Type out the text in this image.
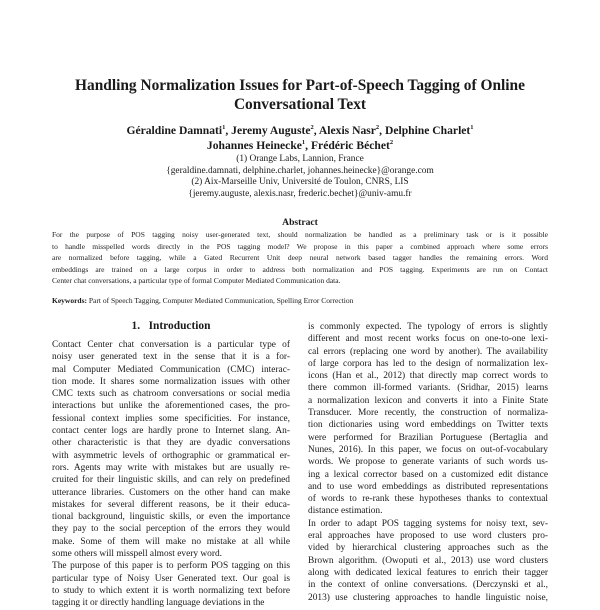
Handling Normalization Issues for Part-of-Speech Tagging of Online
Conversational Text
Géraldine Damnati$^1$, Jeremy Auguste$^2$, Alexis Nasr$^2$, Delphine Charlet$^1$
Johannes Heinecke$^1$, Frédéric Béchet$^2$
(1) Orange Labs, Lannion, France
{geraldine.damnati, delphine.charlet, johannes.heinecke}@orange.com
(2) Aix-Marseille Univ, Université de Toulon, CNRS, LIS
{jeremy.auguste, alexis.nasr, frederic.bechet}@univ-amu.fr
Abstract
For the purpose of POS tagging noisy user-generated text, should normalization be handled as a preliminary task or is it possible
to handle misspelled words directly in the POS tagging model? We propose in this paper a combined approach where some errors
are normalized before tagging, while a Gated Recurrent Unit deep neural network based tagger handles the remaining errors. Word
embeddings are trained on a large corpus in order to address both normalization and POS tagging. Experiments are run on Contact
Center chat conversations, a particular type of formal Computer Mediated Communication data.
Keywords: Part of Speech Tagging, Computer Mediated Communication, Spelling Error Correction
1. Introduction
Contact Center chat conversation is a particular type of
noisy user generated text in the sense that it is a for-
mal Computer Mediated Communication (CMC) interac-
tion mode. It shares some normalization issues with other
CMC texts such as chatroom conversations or social media
interactions but unlike the aforementioned cases, the pro-
fessional context implies some specificities. For instance,
contact center logs are hardly prone to Internet slang. An-
other characteristic is that they are dyadic conversations
with asymmetric levels of orthographic or grammatical er-
rors. Agents may write with mistakes but are usually re-
cruited for their linguistic skills, and can rely on predefined
utterance libraries. Customers on the other hand can make
mistakes for several different reasons, be it their educa-
tional background, linguistic skills, or even the importance
they pay to the social perception of the errors they would
make. Some of them will make no mistake at all while
some others will misspell almost every word.
The purpose of this paper is to perform POS tagging on this
particular type of Noisy User Generated text. Our goal is
to study to which extent it is worth normalizing text before
tagging it or directly handling language deviations in the
is commonly expected. The typology of errors is slightly
different and most recent works focus on one-to-one lexi-
cal errors (replacing one word by another). The availability
of large corpora has led to the design of normalization lex-
icons (Han et al., 2012) that directly map correct words to
there common ill-formed variants. (Sridhar, 2015) learns
a normalization lexicon and converts it into a Finite State
Transducer. More recently, the construction of normaliza-
tion dictionaries using word embeddings on Twitter texts
were performed for Brazilian Portuguese (Bertaglia and
Nunes, 2016). In this paper, we focus on out-of-vocabulary
words. We propose to generate variants of such words us-
ing a lexical corrector based on a customized edit distance
and to use word embeddings as distributed representations
of words to re-rank these hypotheses thanks to contextual
distance estimation.
In order to adapt POS tagging systems for noisy text, sev-
eral approaches have proposed to use word clusters pro-
vided by hierarchical clustering approaches such as the
Brown algorithm. (Owoputi et al., 2013) use word clusters
along with dedicated lexical features to enrich their tagger
in the context of online conversations. (Derczynski et al.,
2013) use clustering approaches to handle linguistic noise,
